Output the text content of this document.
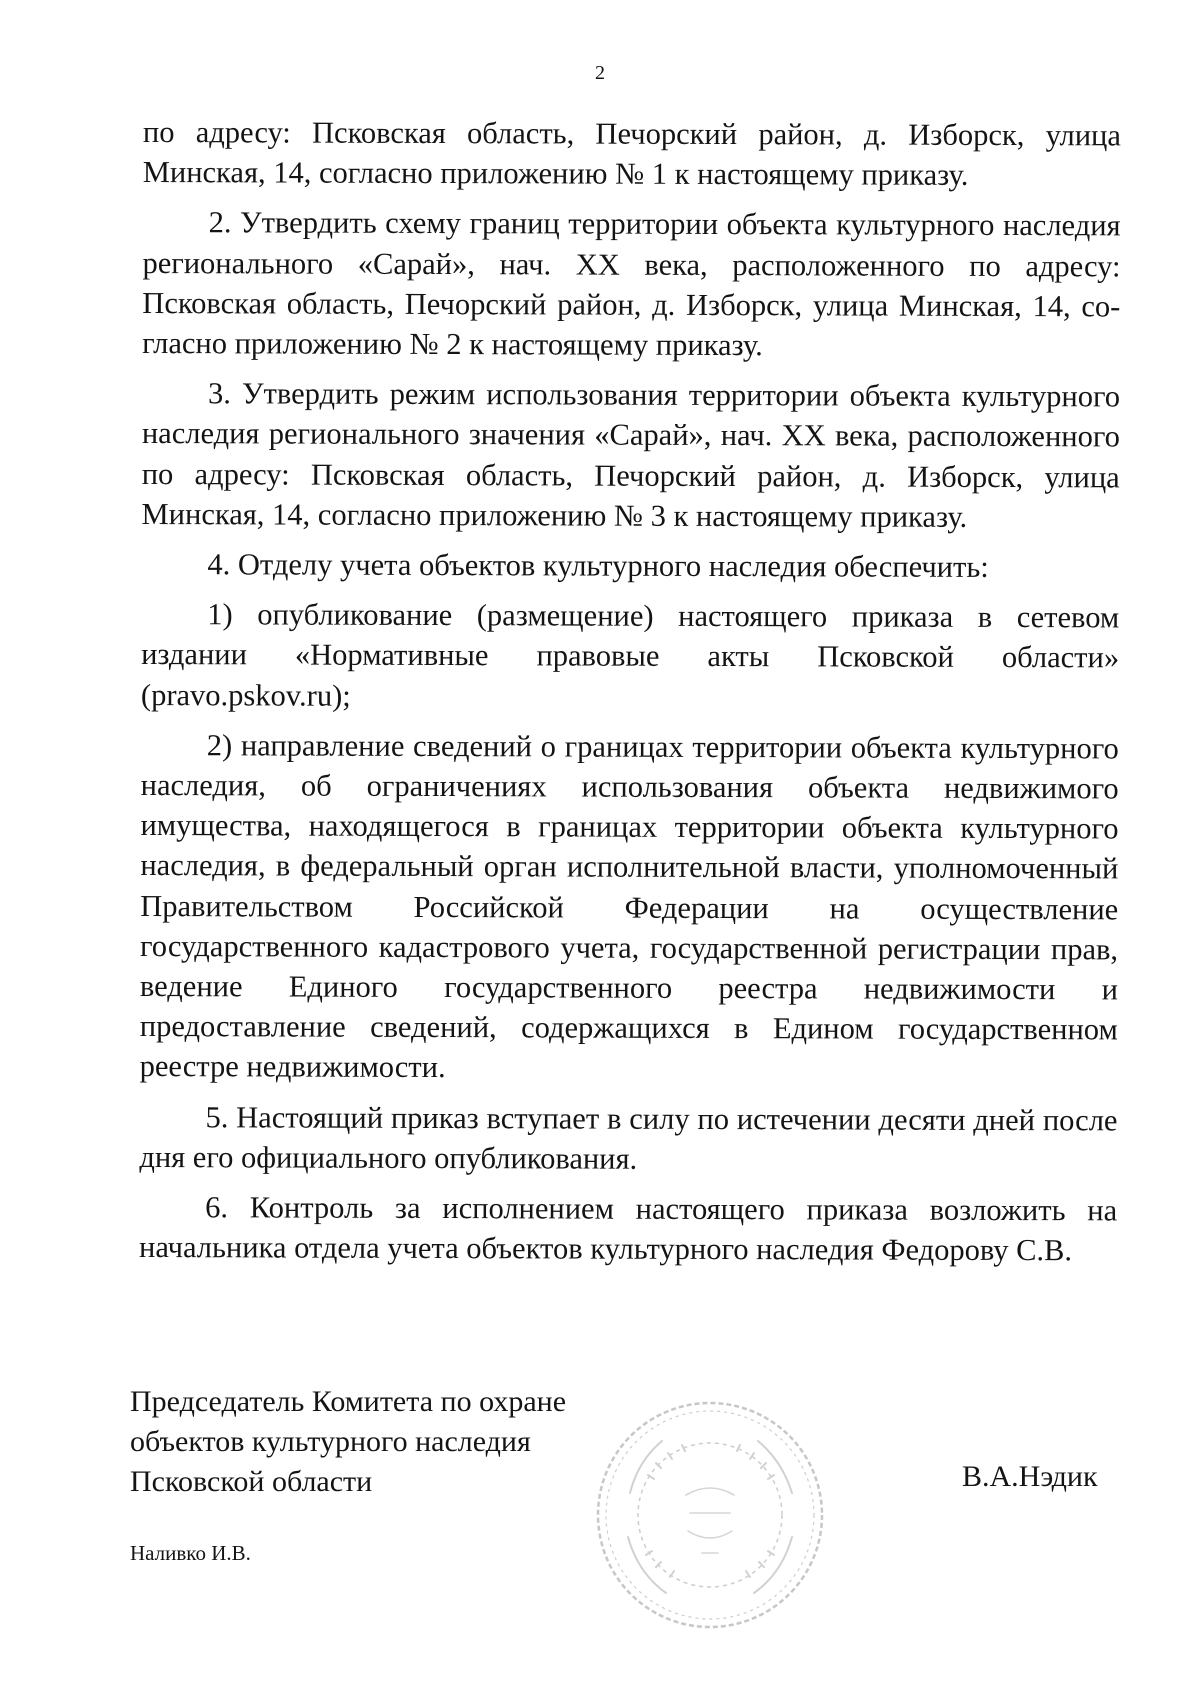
2

по адресу: Псковская область, Печорский район, д. Изборск, улица Минская, 14, согласно приложению № 1 к настоящему приказу.

2. Утвердить схему границ территории объекта культурного наследия регионального «Сарай», нач. XX века, расположенного по адресу: Псковская область, Печорский район, д. Изборск, улица Минская, 14, согласно приложению № 2 к настоящему приказу.

3. Утвердить режим использования территории объекта культурного наследия регионального значения «Сарай», нач. XX века, расположенного по адресу: Псковская область, Печорский район, д. Изборск, улица Минская, 14, согласно приложению № 3 к настоящему приказу.

4. Отделу учета объектов культурного наследия обеспечить:

1) опубликование (размещение) настоящего приказа в сетевом издании «Нормативные правовые акты Псковской области» (pravo.pskov.ru);

2) направление сведений о границах территории объекта культурного наследия, об ограничениях использования объекта недвижимого имущества, находящегося в границах территории объекта культурного наследия, в федеральный орган исполнительной власти, уполномоченный Правительством Российской Федерации на осуществление государственного кадастрового учета, государственной регистрации прав, ведение Единого государственного реестра недвижимости и предоставление сведений, содержащихся в Едином государственном реестре недвижимости.

5. Настоящий приказ вступает в силу по истечении десяти дней после дня его официального опубликования.

6. Контроль за исполнением настоящего приказа возложить на начальника отдела учета объектов культурного наследия Федорову С.В.

Председатель Комитета по охране
объектов культурного наследия
Псковской области	В.А.Нэдик
Наливко И.В.
